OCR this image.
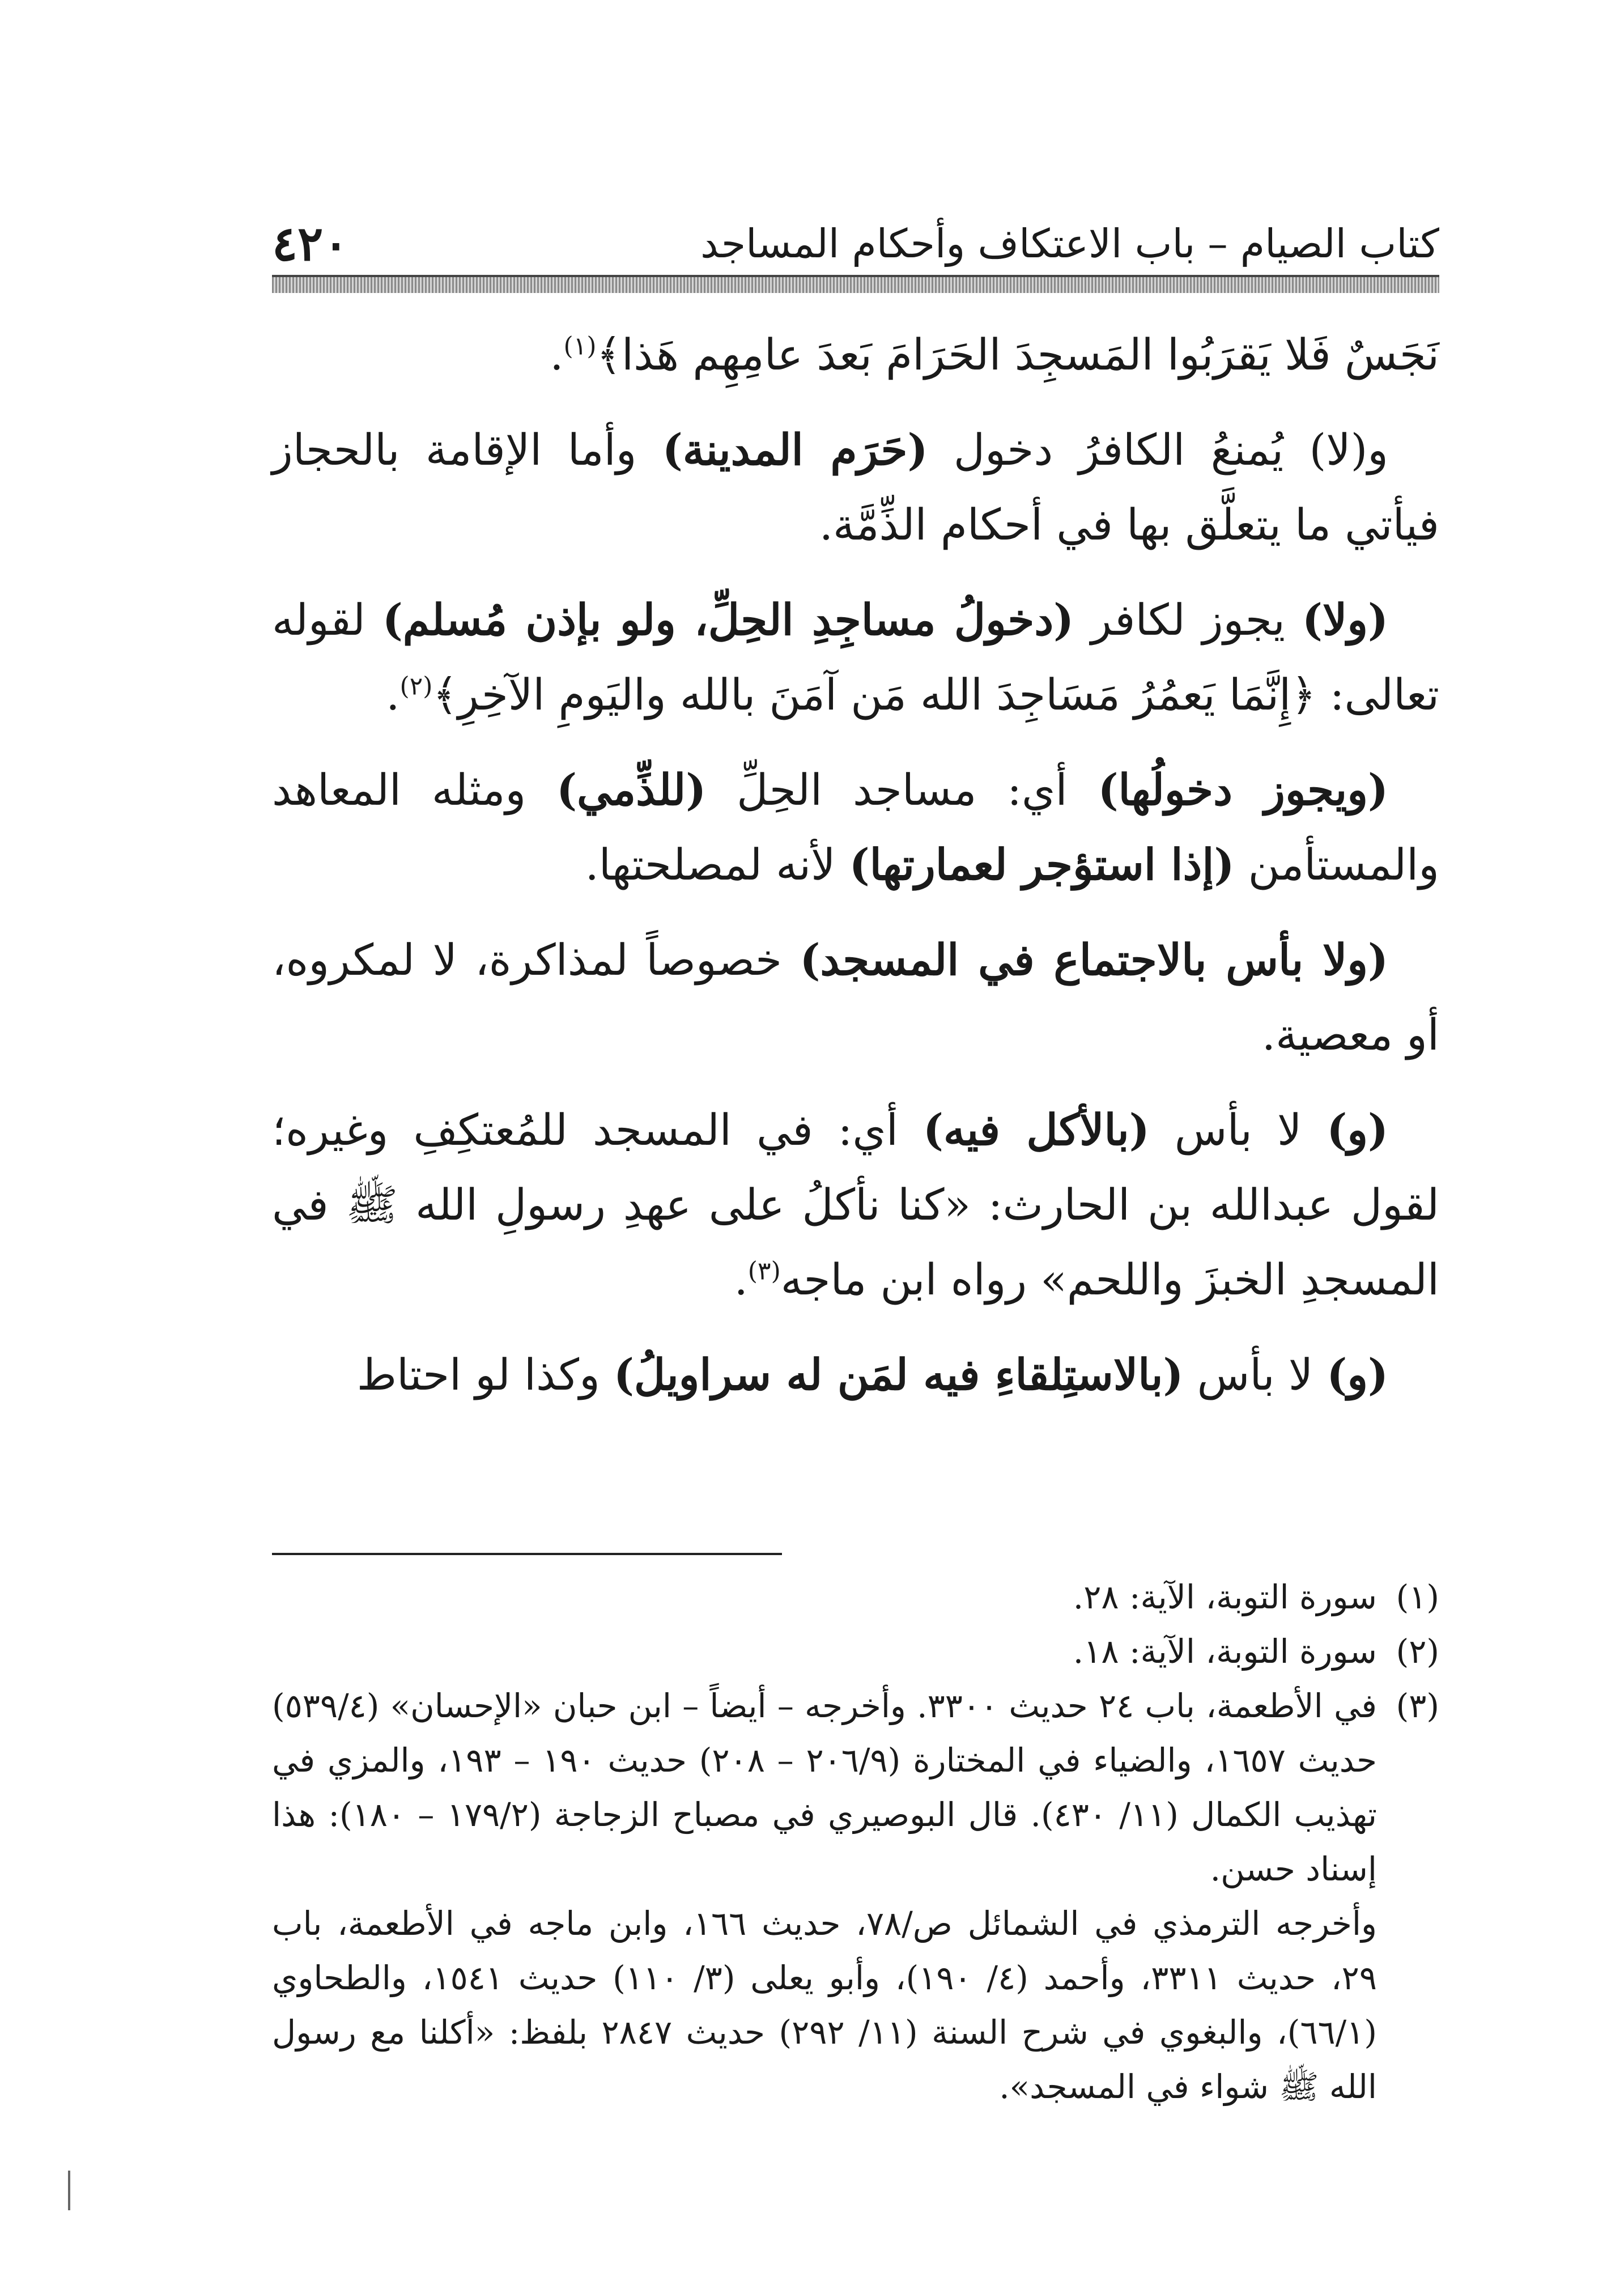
٤٢٠	كتاب الصيام – باب الاعتكاف وأحكام المساجد

نَجَسٌ فَلا يَقرَبُوا المَسجِدَ الحَرَامَ بَعدَ عامِهِم هَذا﴾$^{(١)}$.

و(لا) يُمنعُ الكافرُ دخول (حَرَم المدينة) وأما الإقامة بالحجاز فيأتي ما يتعلَّق بها في أحكام الذِّمَّة.

(ولا) يجوز لكافر (دخولُ مساجِدِ الحِلِّ، ولو بإذن مُسلم) لقوله تعالى: ﴿إِنَّمَا يَعمُرُ مَسَاجِدَ الله مَن آمَنَ بالله واليَومِ الآخِرِ﴾$^{(٢)}$.

(ويجوز دخولُها) أي: مساجد الحِلِّ (للذِّمي) ومثله المعاهد والمستأمن (إذا استؤجر لعمارتها) لأنه لمصلحتها.

(ولا بأس بالاجتماع في المسجد) خصوصاً لمذاكرة، لا لمكروه، أو معصية.

(و) لا بأس (بالأكل فيه) أي: في المسجد للمُعتكِفِ وغيره؛ لقول عبدالله بن الحارث: «كنا نأكلُ على عهدِ رسولِ الله ﷺ في المسجدِ الخبزَ واللحم» رواه ابن ماجه$^{(٣)}$.

(و) لا بأس (بالاستِلقاءِ فيه لمَن له سراويلُ) وكذا لو احتاط

(١)
سورة التوبة، الآية: ٢٨.
(٢)
سورة التوبة، الآية: ١٨.
(٣)
في الأطعمة، باب ٢٤ حديث ٣٣٠٠. وأخرجه – أيضاً – ابن حبان «الإحسان» (٥٣٩/٤) حديث ١٦٥٧، والضياء في المختارة (٢٠٦/٩ – ٢٠٨) حديث ١٩٠ – ١٩٣، والمزي في تهذيب الكمال (١١/ ٤٣٠). قال البوصيري في مصباح الزجاجة (١٧٩/٢ – ١٨٠): هذا إسناد حسن.
وأخرجه الترمذي في الشمائل ص/٧٨، حديث ١٦٦، وابن ماجه في الأطعمة، باب ٢٩، حديث ٣٣١١، وأحمد (٤/ ١٩٠)، وأبو يعلى (٣/ ١١٠) حديث ١٥٤١، والطحاوي (٦٦/١)، والبغوي في شرح السنة (١١/ ٢٩٢) حديث ٢٨٤٧ بلفظ: «أكلنا مع رسول الله ﷺ شواء في المسجد».
